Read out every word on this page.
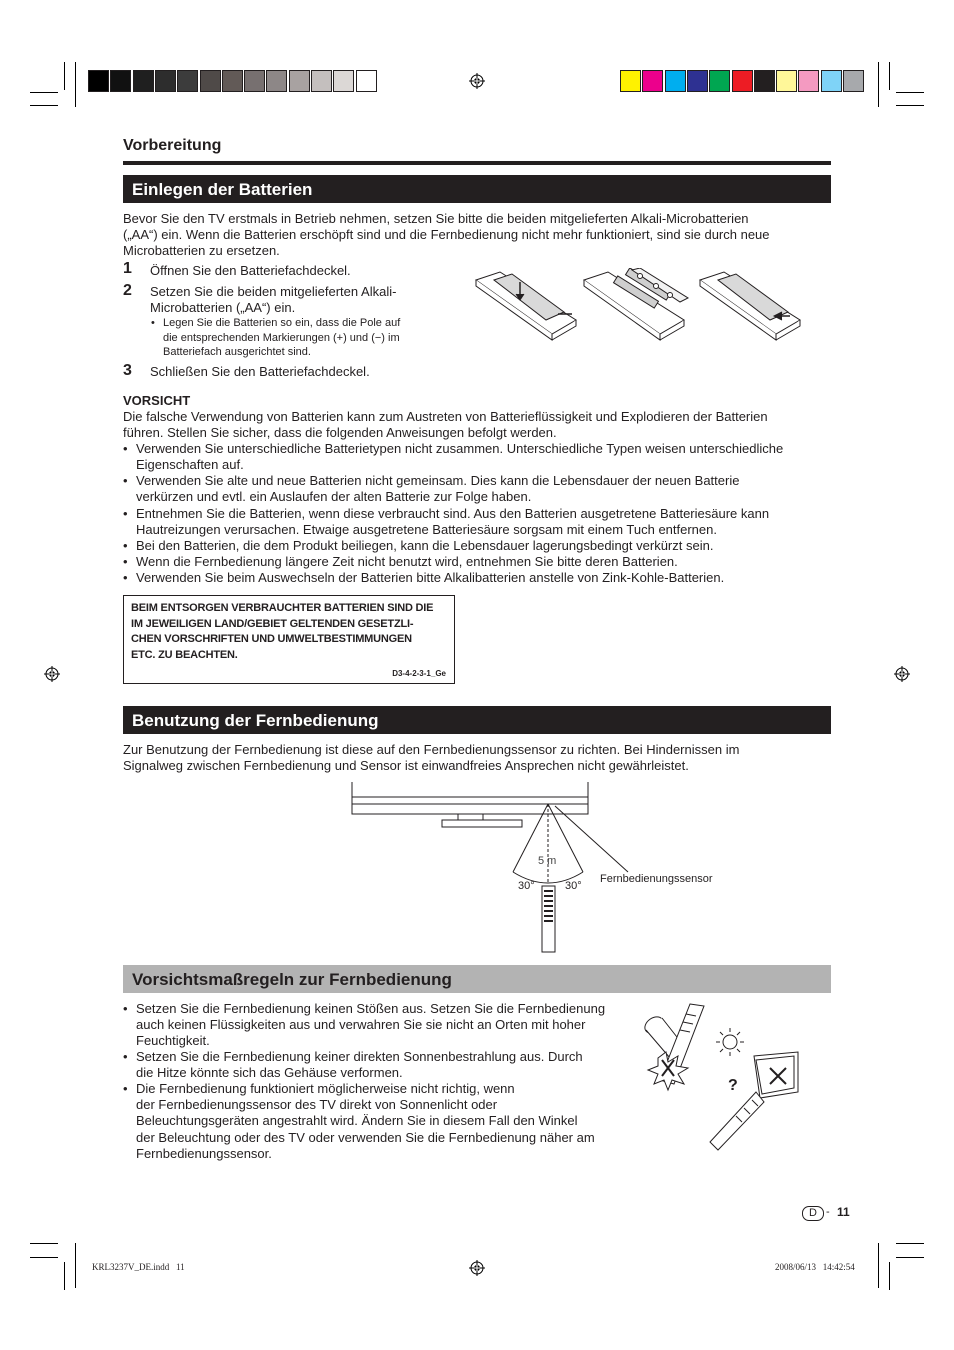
Vorbereitung
Einlegen der Batterien
Bevor Sie den TV erstmals in Betrieb nehmen, setzen Sie bitte die beiden mitgelieferten Alkali-Microbatterien
(„AA“) ein. Wenn die Batterien erschöpft sind und die Fernbedienung nicht mehr funktioniert, sind sie durch neue
Microbatterien zu ersetzen.
1 Öffnen Sie den Batteriefachdeckel.
2 Setzen Sie die beiden mitgelieferten Alkali-
Microbatterien („AA“) ein.
• Legen Sie die Batterien so ein, dass die Pole auf
die entsprechenden Markierungen (+) und (−) im
Batteriefach ausgerichtet sind.
3 Schließen Sie den Batteriefachdeckel.
VORSICHT
Die falsche Verwendung von Batterien kann zum Austreten von Batterieflüssigkeit und Explodieren der Batterien
führen. Stellen Sie sicher, dass die folgenden Anweisungen befolgt werden.
• Verwenden Sie unterschiedliche Batterietypen nicht zusammen. Unterschiedliche Typen weisen unterschiedliche
Eigenschaften auf.
• Verwenden Sie alte und neue Batterien nicht gemeinsam. Dies kann die Lebensdauer der neuen Batterie
verkürzen und evtl. ein Auslaufen der alten Batterie zur Folge haben.
• Entnehmen Sie die Batterien, wenn diese verbraucht sind. Aus den Batterien ausgetretene Batteriesäure kann
Hautreizungen verursachen. Etwaige ausgetretene Batteriesäure sorgsam mit einem Tuch entfernen.
• Bei den Batterien, die dem Produkt beiliegen, kann die Lebensdauer lagerungsbedingt verkürzt sein.
• Wenn die Fernbedienung längere Zeit nicht benutzt wird, entnehmen Sie bitte deren Batterien.
• Verwenden Sie beim Auswechseln der Batterien bitte Alkalibatterien anstelle von Zink-Kohle-Batterien.
BEIM ENTSORGEN VERBRAUCHTER BATTERIEN SIND DIE
IM JEWEILIGEN LAND/GEBIET GELTENDEN GESETZLI-
CHEN VORSCHRIFTEN UND UMWELTBESTIMMUNGEN
ETC. ZU BEACHTEN.
D3-4-2-3-1_Ge
Benutzung der Fernbedienung
Zur Benutzung der Fernbedienung ist diese auf den Fernbedienungssensor zu richten. Bei Hindernissen im
Signalweg zwischen Fernbedienung und Sensor ist einwandfreies Ansprechen nicht gewährleistet.
5 m
30°	30°
Fernbedienungssensor
Vorsichtsmaßregeln zur Fernbedienung
• Setzen Sie die Fernbedienung keinen Stößen aus. Setzen Sie die Fernbedienung
auch keinen Flüssigkeiten aus und verwahren Sie sie nicht an Orten mit hoher
Feuchtigkeit.
• Setzen Sie die Fernbedienung keiner direkten Sonnenbestrahlung aus. Durch
die Hitze könnte sich das Gehäuse verformen.
• Die Fernbedienung funktioniert möglicherweise nicht richtig, wenn
der Fernbedienungssensor des TV direkt von Sonnenlicht oder
Beleuchtungsgeräten angestrahlt wird. Ändern Sie in diesem Fall den Winkel
der Beleuchtung oder des TV oder verwenden Sie die Fernbedienung näher am
Fernbedienungssensor.
?
D - 11
KRL3237V_DE.indd   11	2008/06/13   14:42:54
